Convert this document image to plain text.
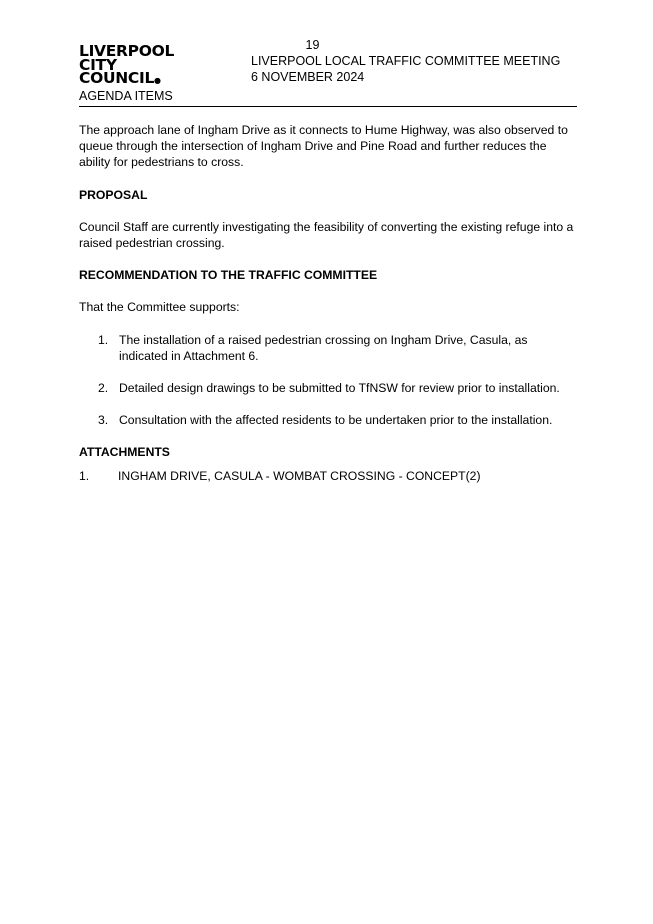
19
LIVERPOOL
CITY
COUNCIL●
AGENDA ITEMS
LIVERPOOL LOCAL TRAFFIC COMMITTEE MEETING
6 NOVEMBER 2024

The approach lane of Ingham Drive as it connects to Hume Highway, was also observed to queue through the intersection of Ingham Drive and Pine Road and further reduces the ability for pedestrians to cross.

PROPOSAL

Council Staff are currently investigating the feasibility of converting the existing refuge into a raised pedestrian crossing.

RECOMMENDATION TO THE TRAFFIC COMMITTEE

That the Committee supports:

1. The installation of a raised pedestrian crossing on Ingham Drive, Casula, as indicated in Attachment 6.
2. Detailed design drawings to be submitted to TfNSW for review prior to installation.
3. Consultation with the affected residents to be undertaken prior to the installation.

ATTACHMENTS

1. INGHAM DRIVE, CASULA - WOMBAT CROSSING - CONCEPT(2)
